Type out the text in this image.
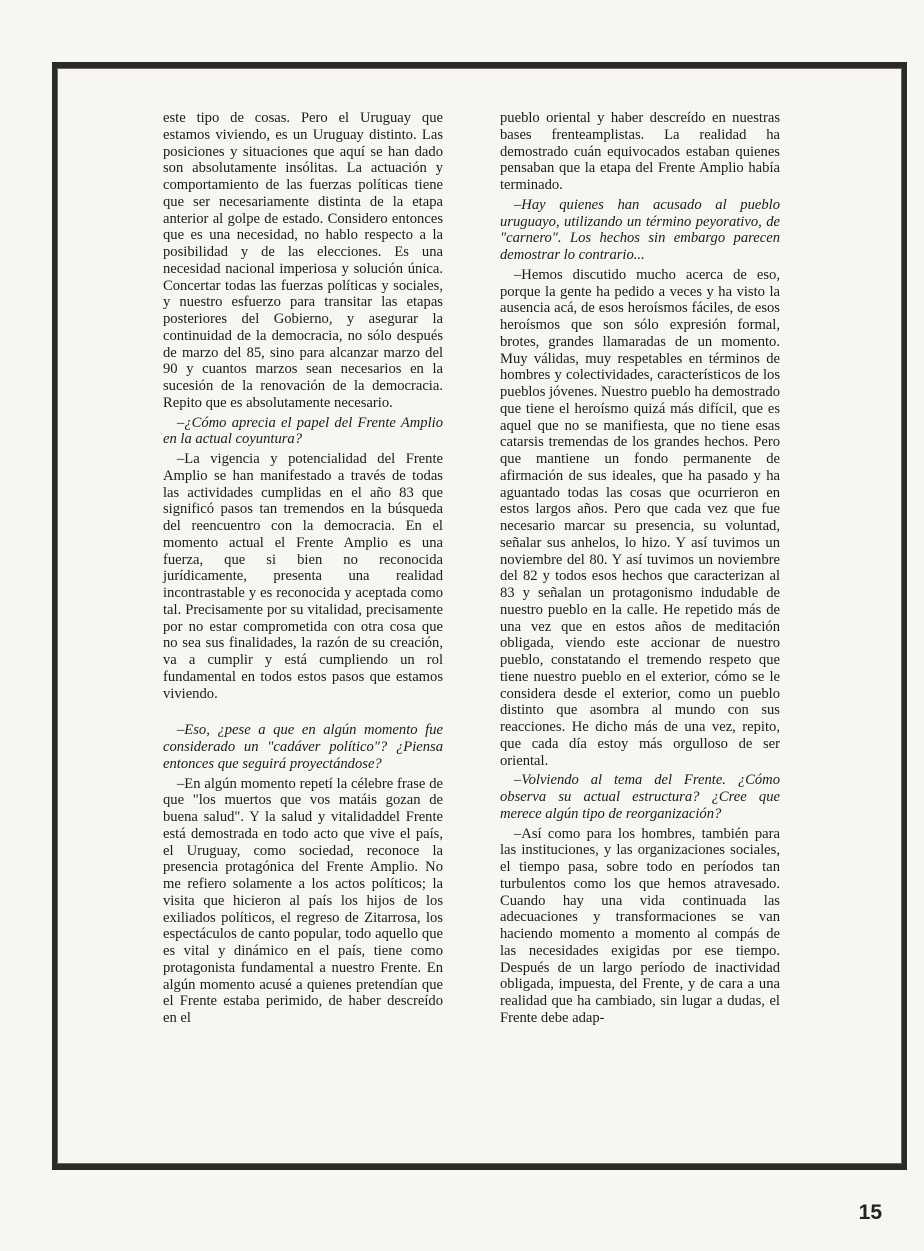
este tipo de cosas. Pero el Uruguay que estamos viviendo, es un Uruguay distinto. Las posiciones y situaciones que aquí se han dado son absolutamente insólitas. La actuación y comportamiento de las fuerzas políticas tiene que ser necesariamente distinta de la etapa anterior al golpe de estado. Considero entonces que es una necesidad, no hablo respecto a la posibilidad y de las elecciones. Es una necesidad nacional imperiosa y solución única. Concertar todas las fuerzas políticas y sociales, y nuestro esfuerzo para transitar las etapas posteriores del Gobierno, y asegurar la continuidad de la democracia, no sólo después de marzo del 85, sino para alcanzar marzo del 90 y cuantos marzos sean necesarios en la sucesión de la renovación de la democracia. Repito que es absolutamente necesario.

–¿Cómo aprecia el papel del Frente Amplio en la actual coyuntura?

–La vigencia y potencialidad del Frente Amplio se han manifestado a través de todas las actividades cumplidas en el año 83 que significó pasos tan tremendos en la búsqueda del reencuentro con la democracia. En el momento actual el Frente Amplio es una fuerza, que si bien no reconocida jurídicamente, presenta una realidad incontrastable y es reconocida y aceptada como tal. Precisamente por su vitalidad, precisamente por no estar comprometida con otra cosa que no sea sus finalidades, la razón de su creación, va a cumplir y está cumpliendo un rol fundamental en todos estos pasos que estamos viviendo.

–Eso, ¿pese a que en algún momento fue considerado un "cadáver político"? ¿Piensa entonces que seguirá proyectándose?

–En algún momento repetí la célebre frase de que "los muertos que vos matáis gozan de buena salud". Y la salud y vitalidaddel Frente está demostrada en todo acto que vive el país, el Uruguay, como sociedad, reconoce la presencia protagónica del Frente Amplio. No me refiero solamente a los actos políticos; la visita que hicieron al país los hijos de los exiliados políticos, el regreso de Zitarrosa, los espectáculos de canto popular, todo aquello que es vital y dinámico en el país, tiene como protagonista fundamental a nuestro Frente. En algún momento acusé a quienes pretendían que el Frente estaba perimido, de haber descreído en el

pueblo oriental y haber descreído en nuestras bases frenteamplistas. La realidad ha demostrado cuán equivocados estaban quienes pensaban que la etapa del Frente Amplio había terminado.

–Hay quienes han acusado al pueblo uruguayo, utilizando un término peyorativo, de "carnero". Los hechos sin embargo parecen demostrar lo contrario...

–Hemos discutido mucho acerca de eso, porque la gente ha pedido a veces y ha visto la ausencia acá, de esos heroísmos fáciles, de esos heroísmos que son sólo expresión formal, brotes, grandes llamaradas de un momento. Muy válidas, muy respetables en términos de hombres y colectividades, característicos de los pueblos jóvenes. Nuestro pueblo ha demostrado que tiene el heroísmo quizá más difícil, que es aquel que no se manifiesta, que no tiene esas catarsis tremendas de los grandes hechos. Pero que mantiene un fondo permanente de afirmación de sus ideales, que ha pasado y ha aguantado todas las cosas que ocurrieron en estos largos años. Pero que cada vez que fue necesario marcar su presencia, su voluntad, señalar sus anhelos, lo hizo. Y así tuvimos un noviembre del 80. Y así tuvimos un noviembre del 82 y todos esos hechos que caracterizan al 83 y señalan un protagonismo indudable de nuestro pueblo en la calle. He repetido más de una vez que en estos años de meditación obligada, viendo este accionar de nuestro pueblo, constatando el tremendo respeto que tiene nuestro pueblo en el exterior, cómo se le considera desde el exterior, como un pueblo distinto que asombra al mundo con sus reacciones. He dicho más de una vez, repito, que cada día estoy más orgulloso de ser oriental.

–Volviendo al tema del Frente. ¿Cómo observa su actual estructura? ¿Cree que merece algún tipo de reorganización?

–Así como para los hombres, también para las instituciones, y las organizaciones sociales, el tiempo pasa, sobre todo en períodos tan turbulentos como los que hemos atravesado. Cuando hay una vida continuada las adecuaciones y transformaciones se van haciendo momento a momento al compás de las necesidades exigidas por ese tiempo. Después de un largo período de inactividad obligada, impuesta, del Frente, y de cara a una realidad que ha cambiado, sin lugar a dudas, el Frente debe adap-

15
